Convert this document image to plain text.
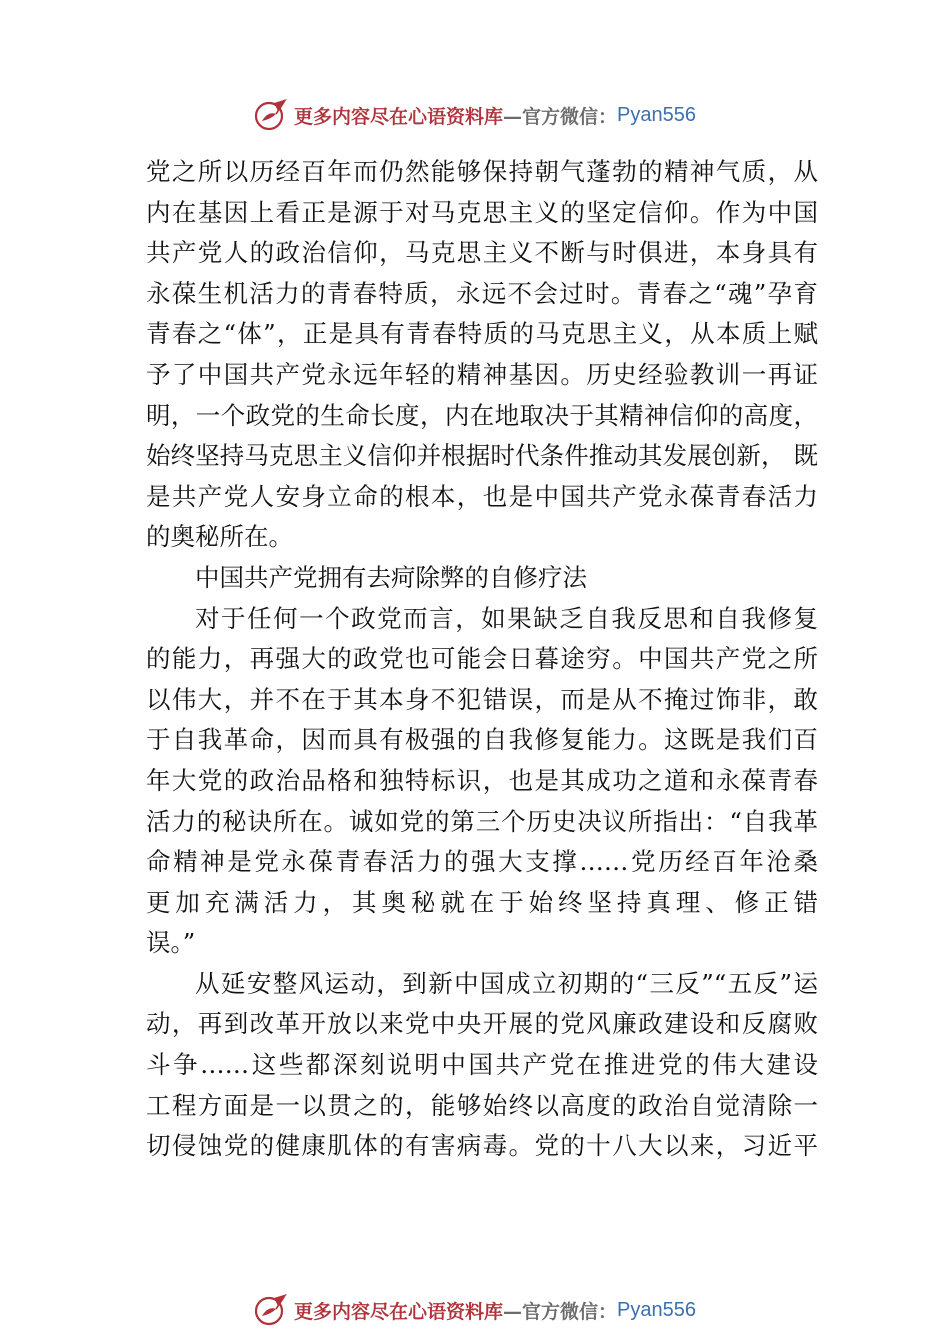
更多内容尽在心语资料库 —官方微信： Pyan556
党之所以历经百年而仍然能够保持朝气蓬勃的精神气质，从
内在基因上看正是源于对马克思主义的坚定信仰。作为中国
共产党人的政治信仰，马克思主义不断与时俱进，本身具有
永葆生机活力的青春特质，永远不会过时。青春之“魂”孕育
青春之“体”，正是具有青春特质的马克思主义，从本质上赋
予了中国共产党永远年轻的精神基因。历史经验教训一再证
明，一个政党的生命长度，内在地取决于其精神信仰的高度，
始终坚持马克思主义信仰并根据时代条件推动其发展创新， 既
是共产党人安身立命的根本，也是中国共产党永葆青春活力
的奥秘所在。
中国共产党拥有去疴除弊的自修疗法
对于任何一个政党而言，如果缺乏自我反思和自我修复
的能力，再强大的政党也可能会日暮途穷。中国共产党之所
以伟大，并不在于其本身不犯错误，而是从不掩过饰非，敢
于自我革命，因而具有极强的自我修复能力。这既是我们百
年大党的政治品格和独特标识，也是其成功之道和永葆青春
活力的秘诀所在。诚如党的第三个历史决议所指出：“自我革
命精神是党永葆青春活力的强大支撑……党历经百年沧桑
更加充满活力，其奥秘就在于始终坚持真理、修正错
误。”
从延安整风运动，到新中国成立初期的“三反”“五反”运
动，再到改革开放以来党中央开展的党风廉政建设和反腐败
斗争……这些都深刻说明中国共产党在推进党的伟大建设
工程方面是一以贯之的，能够始终以高度的政治自觉清除一
切侵蚀党的健康肌体的有害病毒。党的十八大以来，习近平
更多内容尽在心语资料库 —官方微信： Pyan556
